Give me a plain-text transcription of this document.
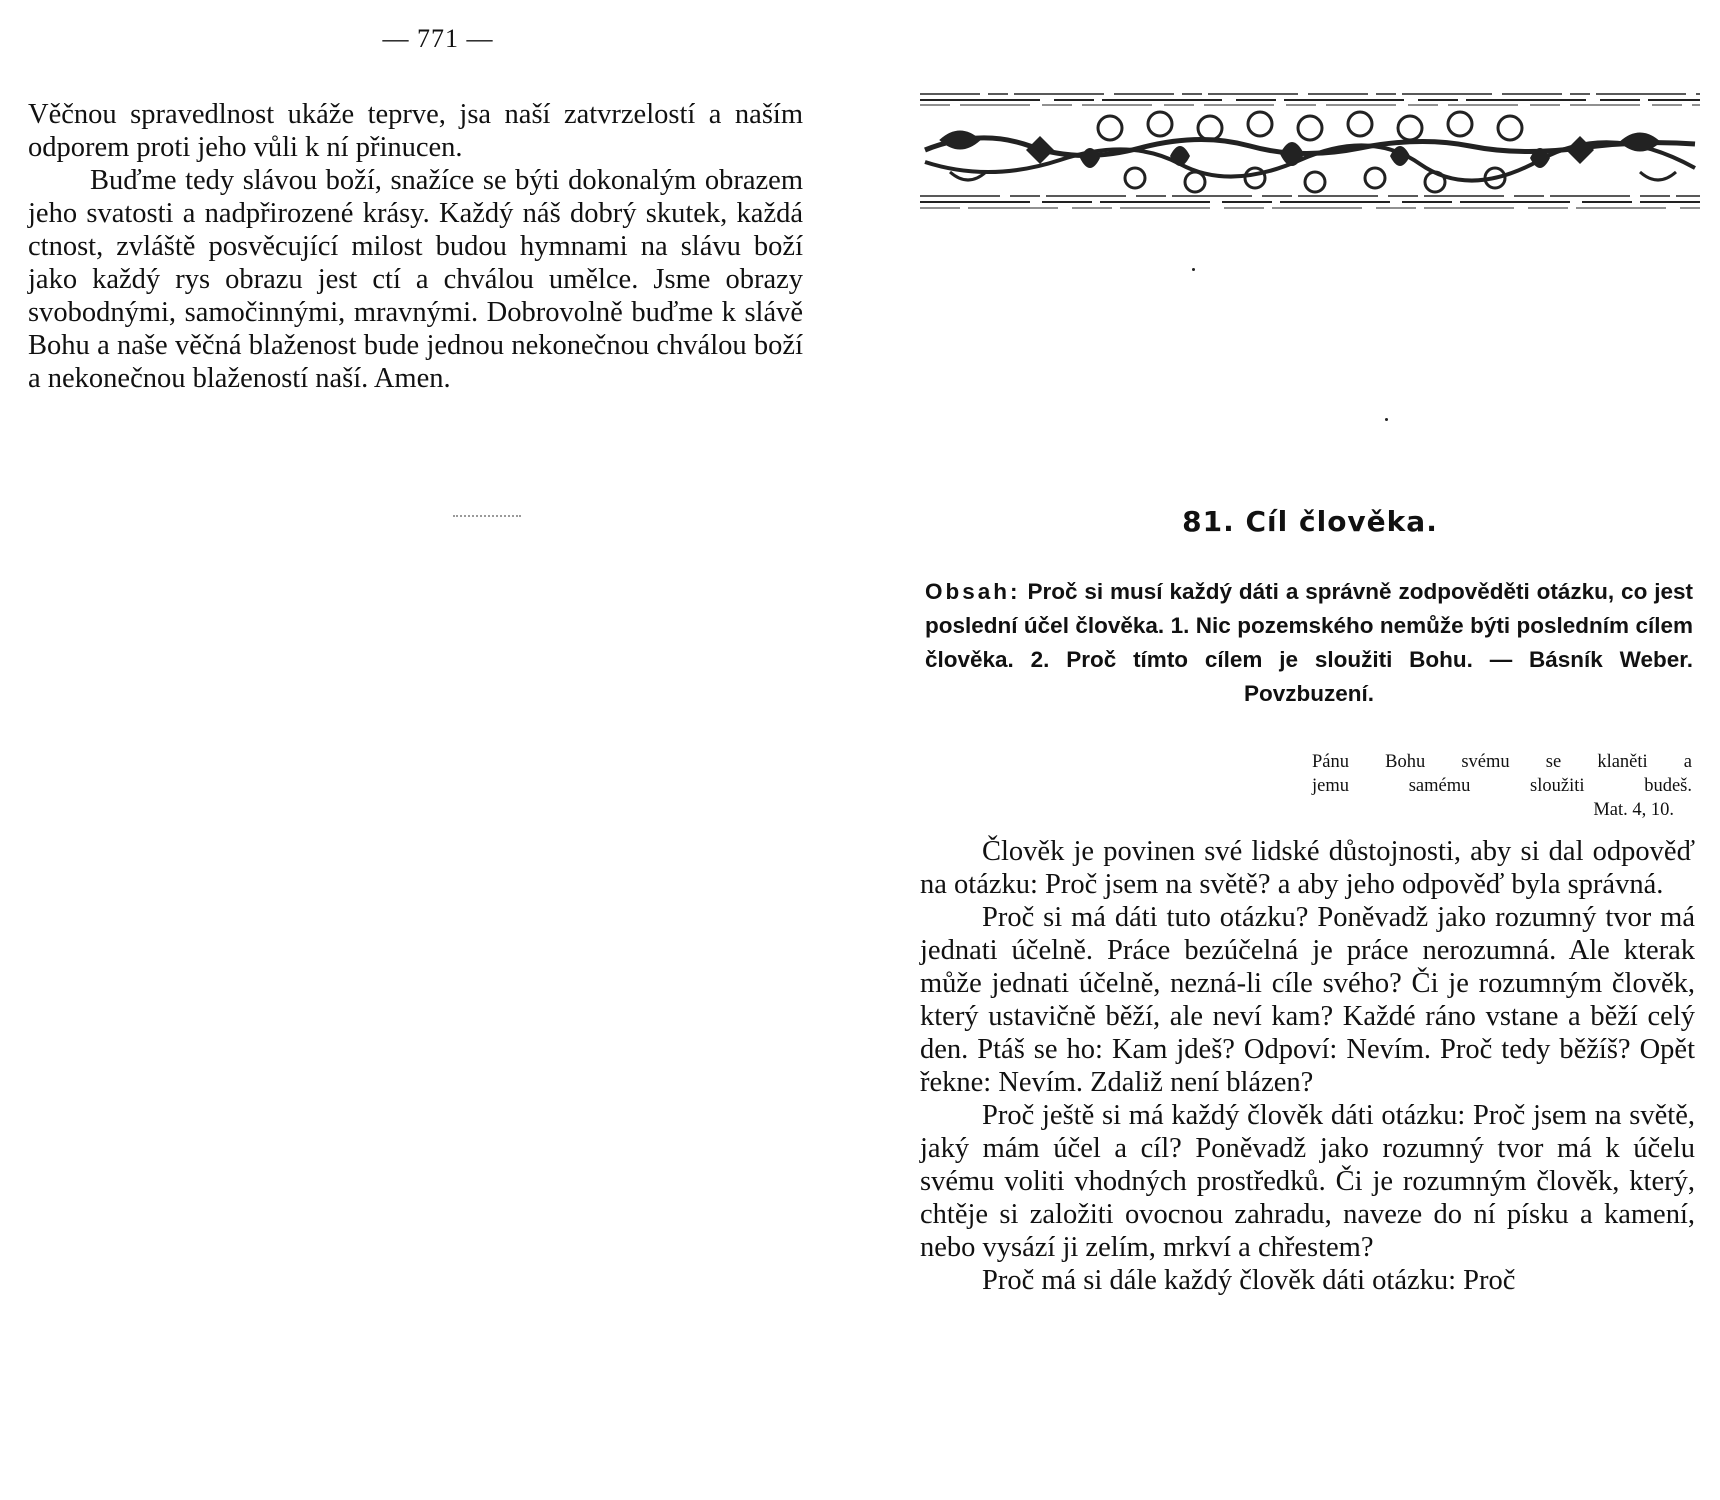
— 771 —

Věčnou spravedlnost ukáže teprve, jsa naší zatvrzelostí a naším odporem proti jeho vůli k ní přinucen.

Buďme tedy slávou boží, snažíce se býti dokonalým obrazem jeho svatosti a nadpřirozené krásy. Každý náš dobrý skutek, každá ctnost, zvláště posvěcující milost budou hymnami na slávu boží jako každý rys obrazu jest ctí a chválou umělce. Jsme obrazy svobodnými, samočinnými, mravnými. Dobrovolně buďme k slávě Bohu a naše věčná blaženost bude jednou nekonečnou chválou boží a nekonečnou blažeností naší. Amen.

81. Cíl člověka.
Obsah: Proč si musí každý dáti a správně zodpověděti otázku, co jest poslední účel člověka. 1. Nic pozemského nemůže býti posledním cílem člověka. 2. Proč tímto cílem je sloužiti Bohu. — Básník Weber. Povzbuzení.
Pánu Bohu svému se klaněti a
jemu samému sloužiti budeš.
Mat. 4, 10.

Člověk je povinen své lidské důstojnosti, aby si dal odpověď na otázku: Proč jsem na světě? a aby jeho odpověď byla správná.

Proč si má dáti tuto otázku? Poněvadž jako rozumný tvor má jednati účelně. Práce bezúčelná je práce nerozumná. Ale kterak může jednati účelně, nezná-li cíle svého? Či je rozumným člověk, který ustavičně běží, ale neví kam? Každé ráno vstane a běží celý den. Ptáš se ho: Kam jdeš? Odpoví: Nevím. Proč tedy běžíš? Opět řekne: Nevím. Zdaliž není blázen?

Proč ještě si má každý člověk dáti otázku: Proč jsem na světě, jaký mám účel a cíl? Poněvadž jako rozumný tvor má k účelu svému voliti vhodných prostředků. Či je rozumným člověk, který, chtěje si založiti ovocnou zahradu, naveze do ní písku a kamení, nebo vysází ji zelím, mrkví a chřestem?

Proč má si dále každý člověk dáti otázku: Proč
